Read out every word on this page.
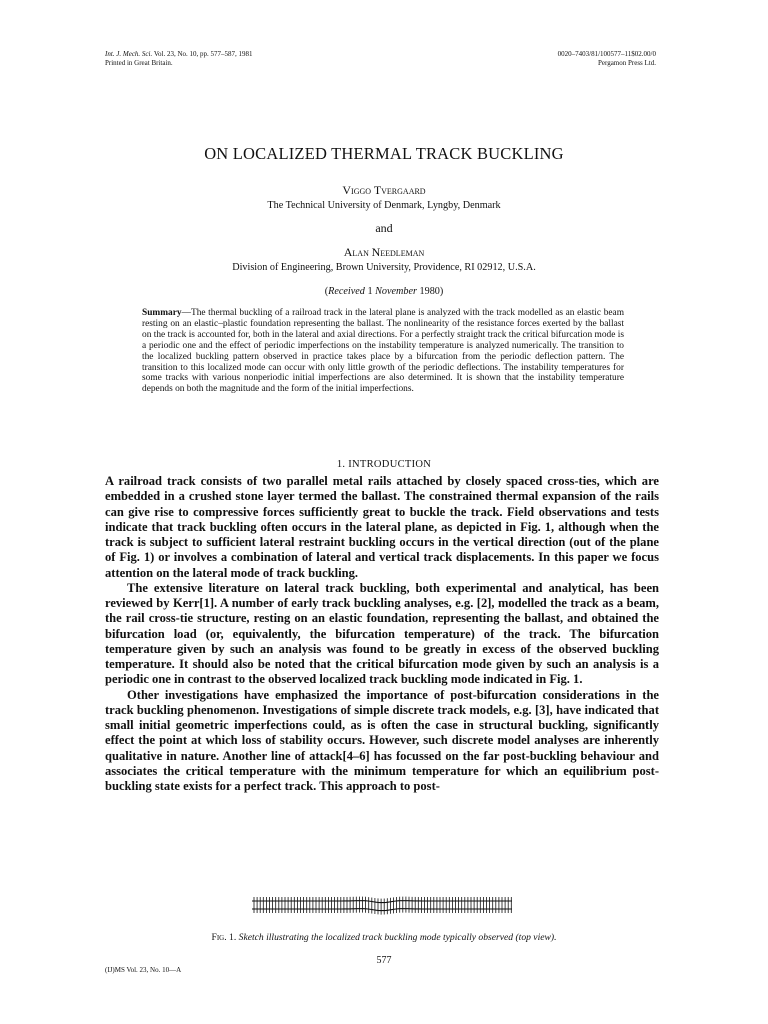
Int. J. Mech. Sci. Vol. 23, No. 10, pp. 577–587, 1981
Printed in Great Britain.
0020–7403/81/100577–11$02.00/0
Pergamon Press Ltd.
ON LOCALIZED THERMAL TRACK BUCKLING
Viggo Tvergaard
The Technical University of Denmark, Lyngby, Denmark
and
Alan Needleman
Division of Engineering, Brown University, Providence, RI 02912, U.S.A.
(Received 1 November 1980)
Summary—The thermal buckling of a railroad track in the lateral plane is analyzed with the track modelled as an elastic beam resting on an elastic–plastic foundation representing the ballast. The nonlinearity of the resistance forces exerted by the ballast on the track is accounted for, both in the lateral and axial directions. For a perfectly straight track the critical bifurcation mode is a periodic one and the effect of periodic imperfections on the instability temperature is analyzed numerically. The transition to the localized buckling pattern observed in practice takes place by a bifurcation from the periodic deflection pattern. The transition to this localized mode can occur with only little growth of the periodic deflections. The instability temperatures for some tracks with various nonperiodic initial imperfections are also determined. It is shown that the instability temperature depends on both the magnitude and the form of the initial imperfections.
1. INTRODUCTION

A railroad track consists of two parallel metal rails attached by closely spaced cross-ties, which are embedded in a crushed stone layer termed the ballast. The constrained thermal expansion of the rails can give rise to compressive forces sufficiently great to buckle the track. Field observations and tests indicate that track buckling often occurs in the lateral plane, as depicted in Fig. 1, although when the track is subject to sufficient lateral restraint buckling occurs in the vertical direction (out of the plane of Fig. 1) or involves a combination of lateral and vertical track displacements. In this paper we focus attention on the lateral mode of track buckling.

The extensive literature on lateral track buckling, both experimental and analytical, has been reviewed by Kerr[1]. A number of early track buckling analyses, e.g. [2], modelled the track as a beam, the rail cross-tie structure, resting on an elastic foundation, representing the ballast, and obtained the bifurcation load (or, equivalently, the bifurcation temperature) of the track. The bifurcation temperature given by such an analysis was found to be greatly in excess of the observed buckling temperature. It should also be noted that the critical bifurcation mode given by such an analysis is a periodic one in contrast to the observed localized track buckling mode indicated in Fig. 1.

Other investigations have emphasized the importance of post-bifurcation considerations in the track buckling phenomenon. Investigations of simple discrete track models, e.g. [3], have indicated that small initial geometric imperfections could, as is often the case in structural buckling, significantly effect the point at which loss of stability occurs. However, such discrete model analyses are inherently qualitative in nature. Another line of attack[4–6] has focussed on the far post-buckling behaviour and associates the critical temperature with the minimum temperature for which an equilibrium post-buckling state exists for a perfect track. This approach to post-

Fig. 1. Sketch illustrating the localized track buckling mode typically observed (top view).
577
(IJ)MS Vol. 23, No. 10—A
